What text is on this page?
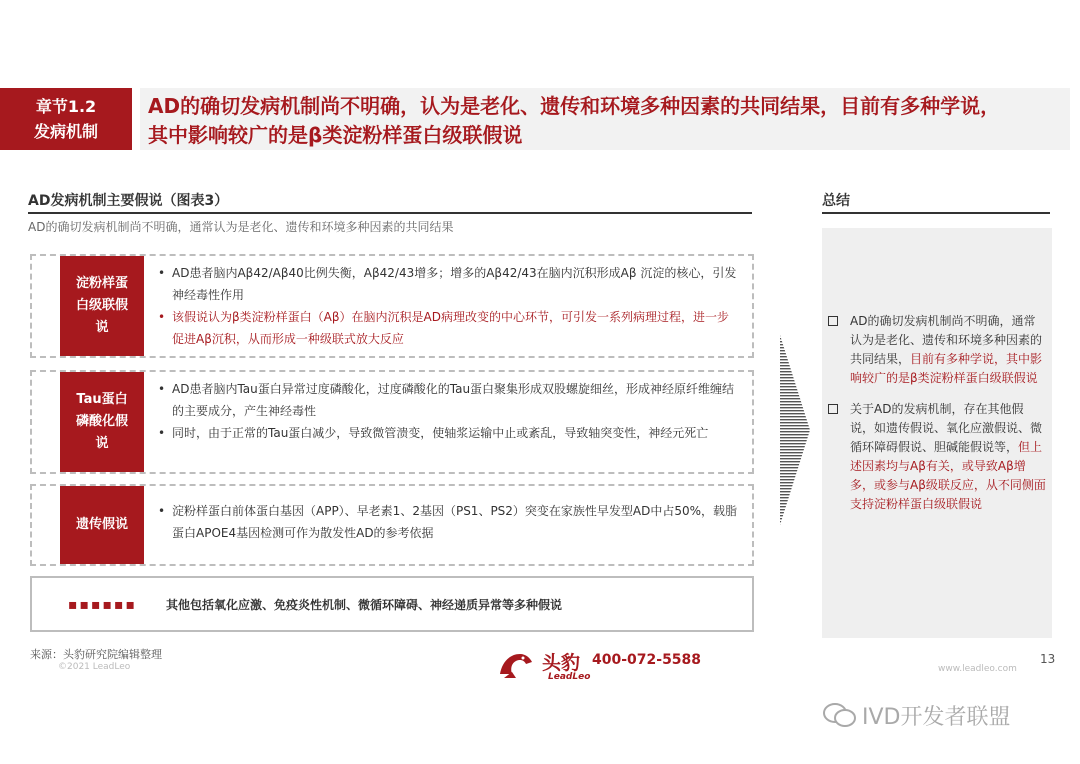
章节1.2
发病机制
AD的确切发病机制尚不明确，认为是老化、遗传和环境多种因素的共同结果，目前有多种学说，
其中影响较广的是β类淀粉样蛋白级联假说
AD发病机制主要假说（图表3）
AD的确切发病机制尚不明确，通常认为是老化、遗传和环境多种因素的共同结果
淀粉样蛋白级联假说
• AD患者脑内Aβ42/Aβ40比例失衡，Aβ42/43增多；增多的Aβ42/43在脑内沉积形成Aβ 沉淀的核心，引发神经毒性作用
• 该假说认为β类淀粉样蛋白（Aβ）在脑内沉积是AD病理改变的中心环节，可引发一系列病理过程，进一步促进Aβ沉积，从而形成一种级联式放大反应
Tau蛋白磷酸化假说
• AD患者脑内Tau蛋白异常过度磷酸化，过度磷酸化的Tau蛋白聚集形成双股螺旋细丝，形成神经原纤维缠结的主要成分，产生神经毒性
• 同时，由于正常的Tau蛋白减少，导致微管溃变，使轴浆运输中止或紊乱，导致轴突变性，神经元死亡
遗传假说
• 淀粉样蛋白前体蛋白基因（APP）、早老素1、2基因（PS1、PS2）突变在家族性早发型AD中占50%，载脂蛋白APOE4基因检测可作为散发性AD的参考依据
▪▪▪▪▪▪ 其他包括氧化应激、免疫炎性机制、微循环障碍、神经递质异常等多种假说
总结
AD的确切发病机制尚不明确，通常认为是老化、遗传和环境多种因素的共同结果，目前有多种学说，其中影响较广的是β类淀粉样蛋白级联假说
关于AD的发病机制，存在其他假说，如遗传假说、氧化应激假说、微循环障碍假说、胆碱能假说等，但上述因素均与Aβ有关，或导致Aβ增多，或参与Aβ级联反应，从不同侧面支持淀粉样蛋白级联假说
来源：头豹研究院编辑整理
©2021 LeadLeo	头豹
LeadLeo
400-072-5588
www.leadleo.com
13
IVD开发者联盟
